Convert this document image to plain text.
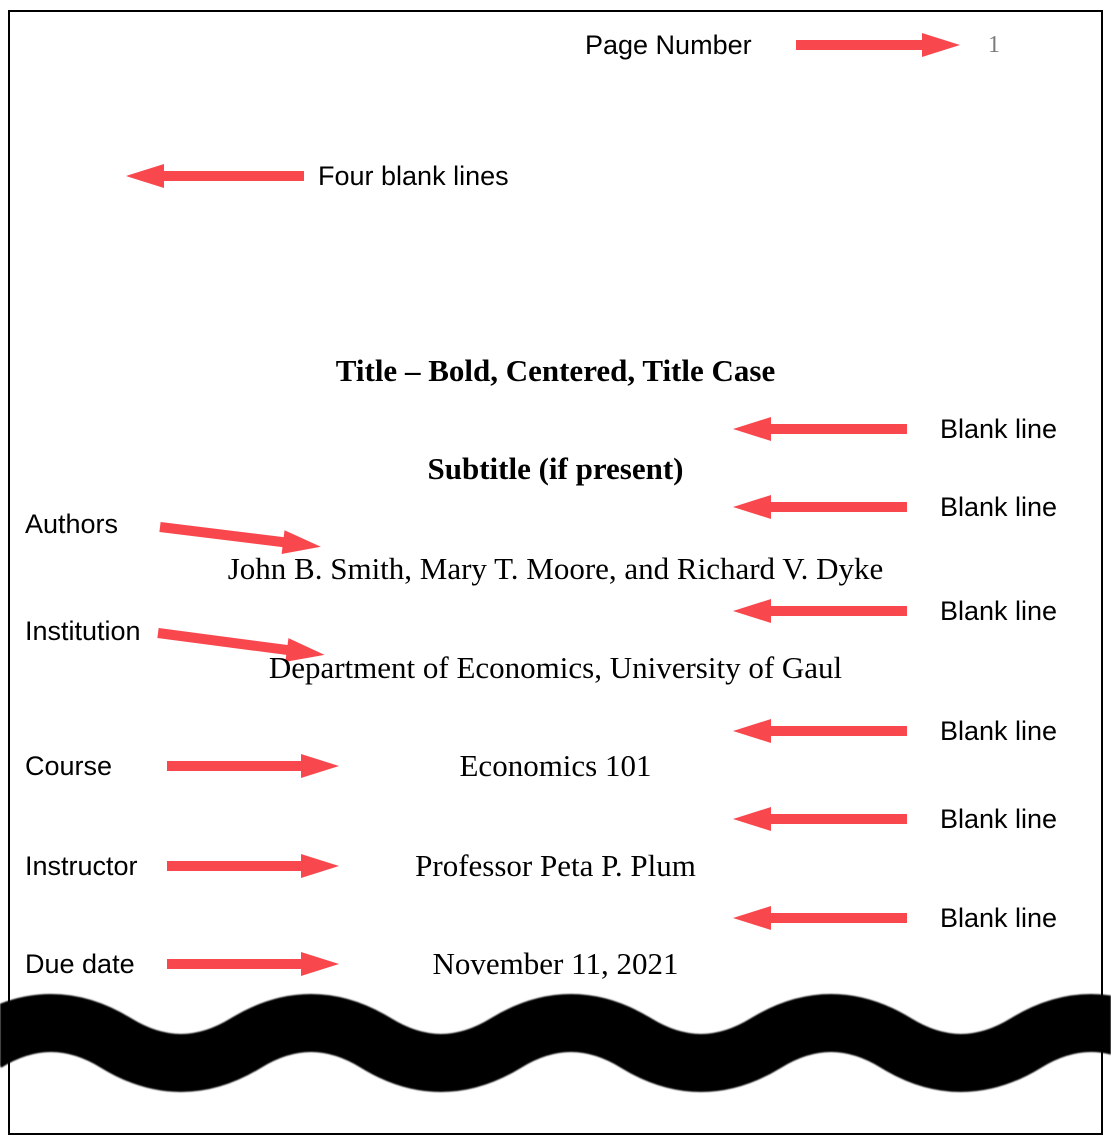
Page Number	1
Four blank lines
Title – Bold, Centered, Title Case
Blank line
Subtitle (if present)
Blank line
Authors
John B. Smith, Mary T. Moore, and Richard V. Dyke
Blank line
Institution
Department of Economics, University of Gaul
Blank line
Course	Economics 101
Blank line
Instructor	Professor Peta P. Plum
Blank line
Due date	November 11, 2021
